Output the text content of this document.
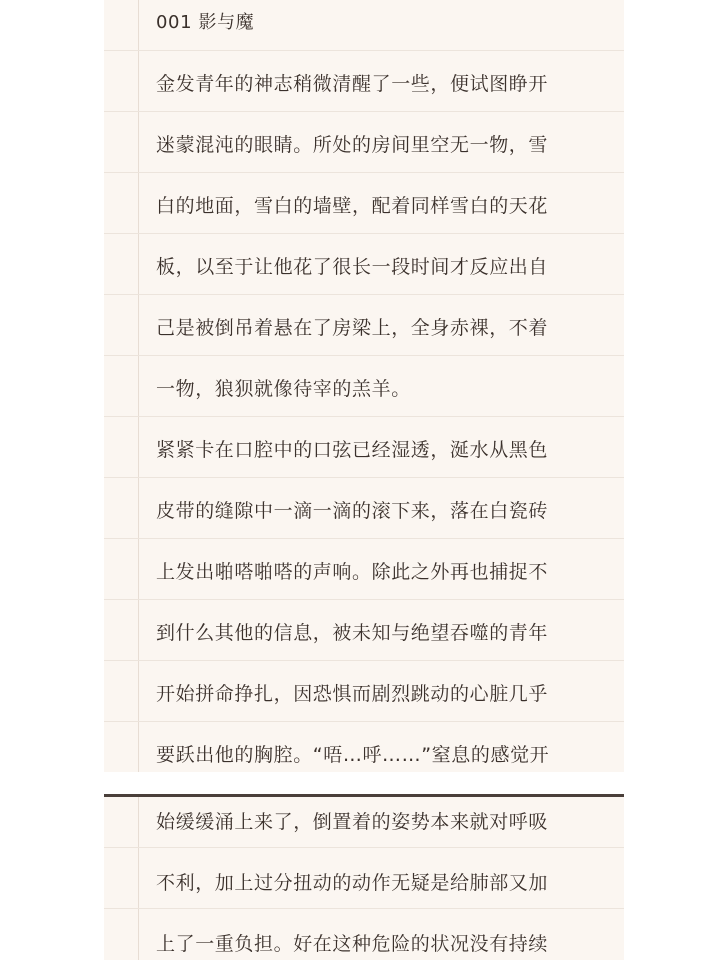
001 影与魔
金发青年的神志稍微清醒了一些，便试图睁开
迷蒙混沌的眼睛。所处的房间里空无一物，雪
白的地面，雪白的墙壁，配着同样雪白的天花
板，以至于让他花了很长一段时间才反应出自
己是被倒吊着悬在了房梁上，全身赤裸，不着
一物，狼狈就像待宰的羔羊。
紧紧卡在口腔中的口弦已经湿透，涎水从黑色
皮带的缝隙中一滴一滴的滚下来，落在白瓷砖
上发出啪嗒啪嗒的声响。除此之外再也捕捉不
到什么其他的信息，被未知与绝望吞噬的青年
开始拼命挣扎，因恐惧而剧烈跳动的心脏几乎
要跃出他的胸腔。“唔…呼……”窒息的感觉开
始缓缓涌上来了，倒置着的姿势本来就对呼吸
不利，加上过分扭动的动作无疑是给肺部又加
上了一重负担。好在这种危险的状况没有持续
